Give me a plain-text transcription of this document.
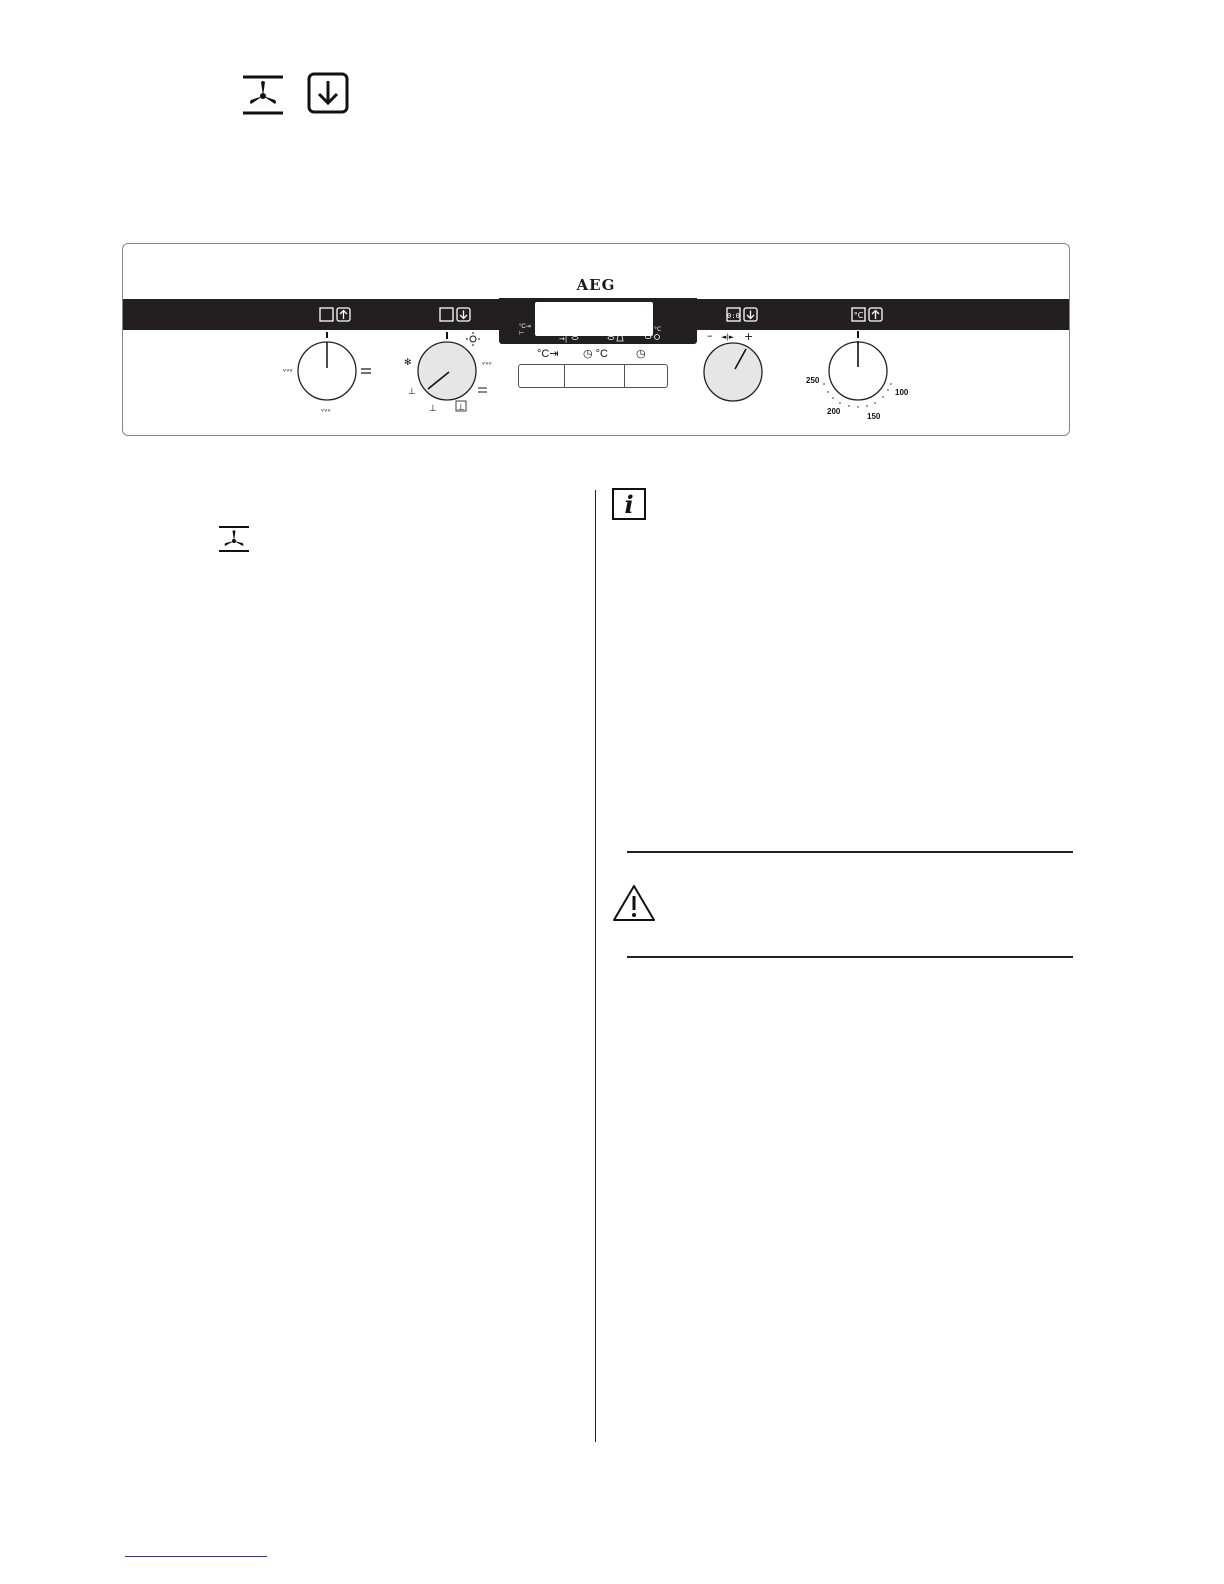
AEG
0:0	°C
°C⇥
⊢
°C
→|
ᵛᵛᵛ
ᵛᵛᵛ
✻	ᵛᵛᵛ
⊥
⊥ ⊥
°C⇥ ◷ °C	◷
– ◄|► +
250
200
150
100
i
